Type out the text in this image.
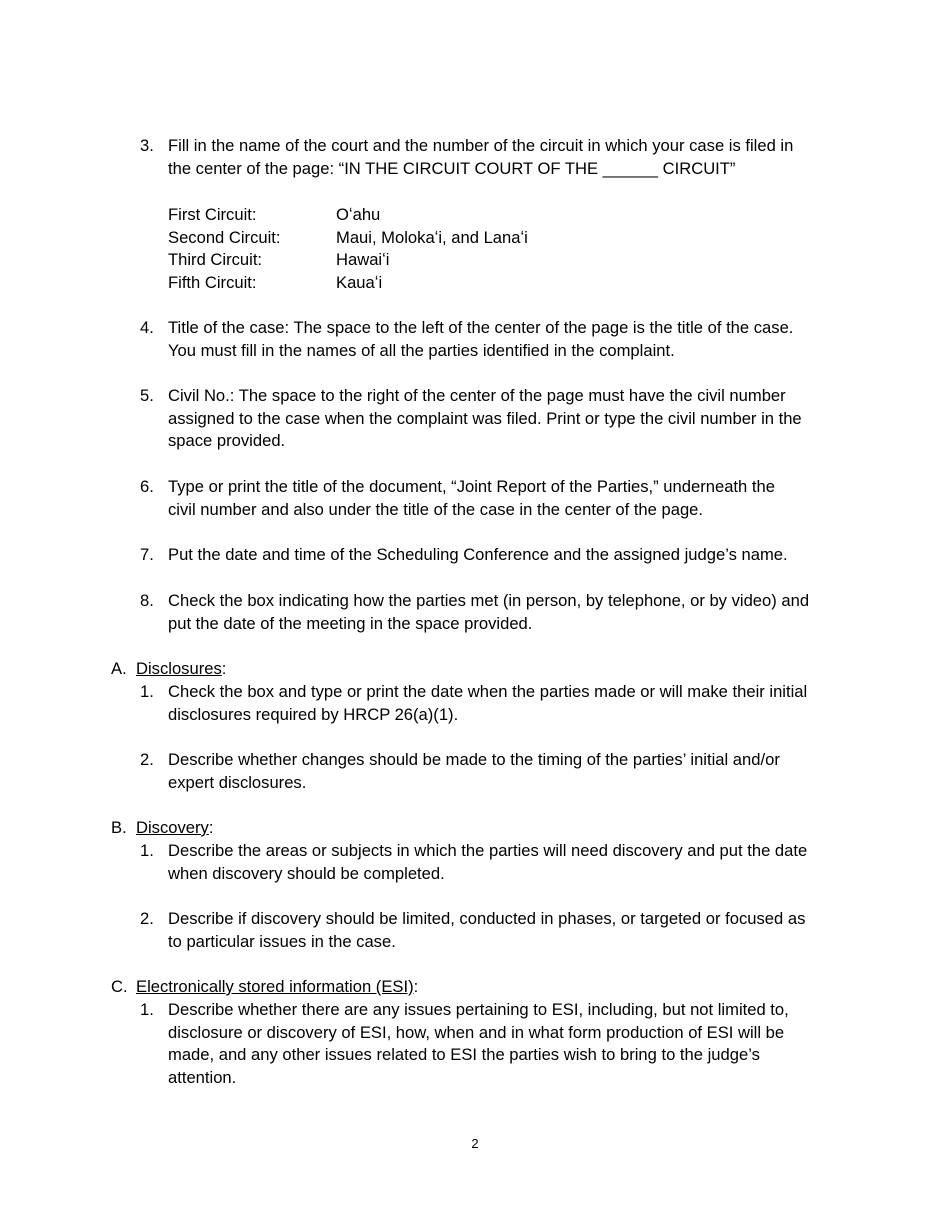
3. Fill in the name of the court and the number of the circuit in which your case is filed in
the center of the page: “IN THE CIRCUIT COURT OF THE ______ CIRCUIT”
First Circuit:	Oʻahu
Second Circuit:	Maui, Molokaʻi, and Lanaʻi
Third Circuit:	Hawaiʻi
Fifth Circuit:	Kauaʻi
4. Title of the case: The space to the left of the center of the page is the title of the case.
You must fill in the names of all the parties identified in the complaint.
5. Civil No.: The space to the right of the center of the page must have the civil number
assigned to the case when the complaint was filed. Print or type the civil number in the
space provided.
6. Type or print the title of the document, “Joint Report of the Parties,” underneath the
civil number and also under the title of the case in the center of the page.
7. Put the date and time of the Scheduling Conference and the assigned judge’s name.
8. Check the box indicating how the parties met (in person, by telephone, or by video) and
put the date of the meeting in the space provided.
A. Disclosures:
1. Check the box and type or print the date when the parties made or will make their initial
disclosures required by HRCP 26(a)(1).
2. Describe whether changes should be made to the timing of the parties’ initial and/or
expert disclosures.
B. Discovery:
1. Describe the areas or subjects in which the parties will need discovery and put the date
when discovery should be completed.
2. Describe if discovery should be limited, conducted in phases, or targeted or focused as
to particular issues in the case.
C. Electronically stored information (ESI):
1. Describe whether there are any issues pertaining to ESI, including, but not limited to,
disclosure or discovery of ESI, how, when and in what form production of ESI will be
made, and any other issues related to ESI the parties wish to bring to the judge’s
attention.
2
